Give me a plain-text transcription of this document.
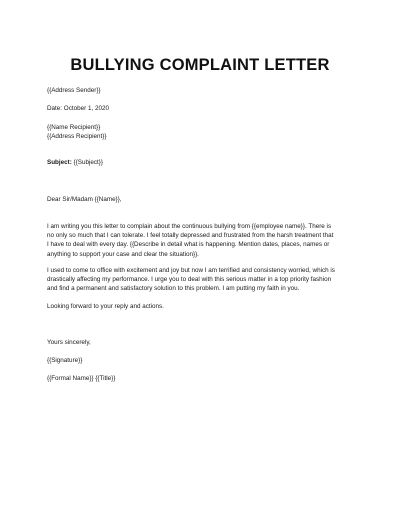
BULLYING COMPLAINT LETTER
{{Address Sender}}
Date: October 1, 2020
{{Name Recipient}}
{{Address Recipient}}
Subject: {{Subject}}
Dear Sir/Madam {{Name}},
I am writing you this letter to complain about the continuous bullying from {{employee name}}. There is
no only so much that I can tolerate. I feel totally depressed and frustrated from the harsh treatment that
I have to deal with every day. {{Describe in detail what is happening. Mention dates, places, names or
anything to support your case and clear the situation}}.
I used to come to office with excitement and joy but now I am terrified and consistency worried, which is
drastically affecting my performance. I urge you to deal with this serious matter in a top priority fashion
and find a permanent and satisfactory solution to this problem. I am putting my faith in you.
Looking forward to your reply and actions.
Yours sincerely,
{{Signature}}
{{Formal Name}} {{Title}}
